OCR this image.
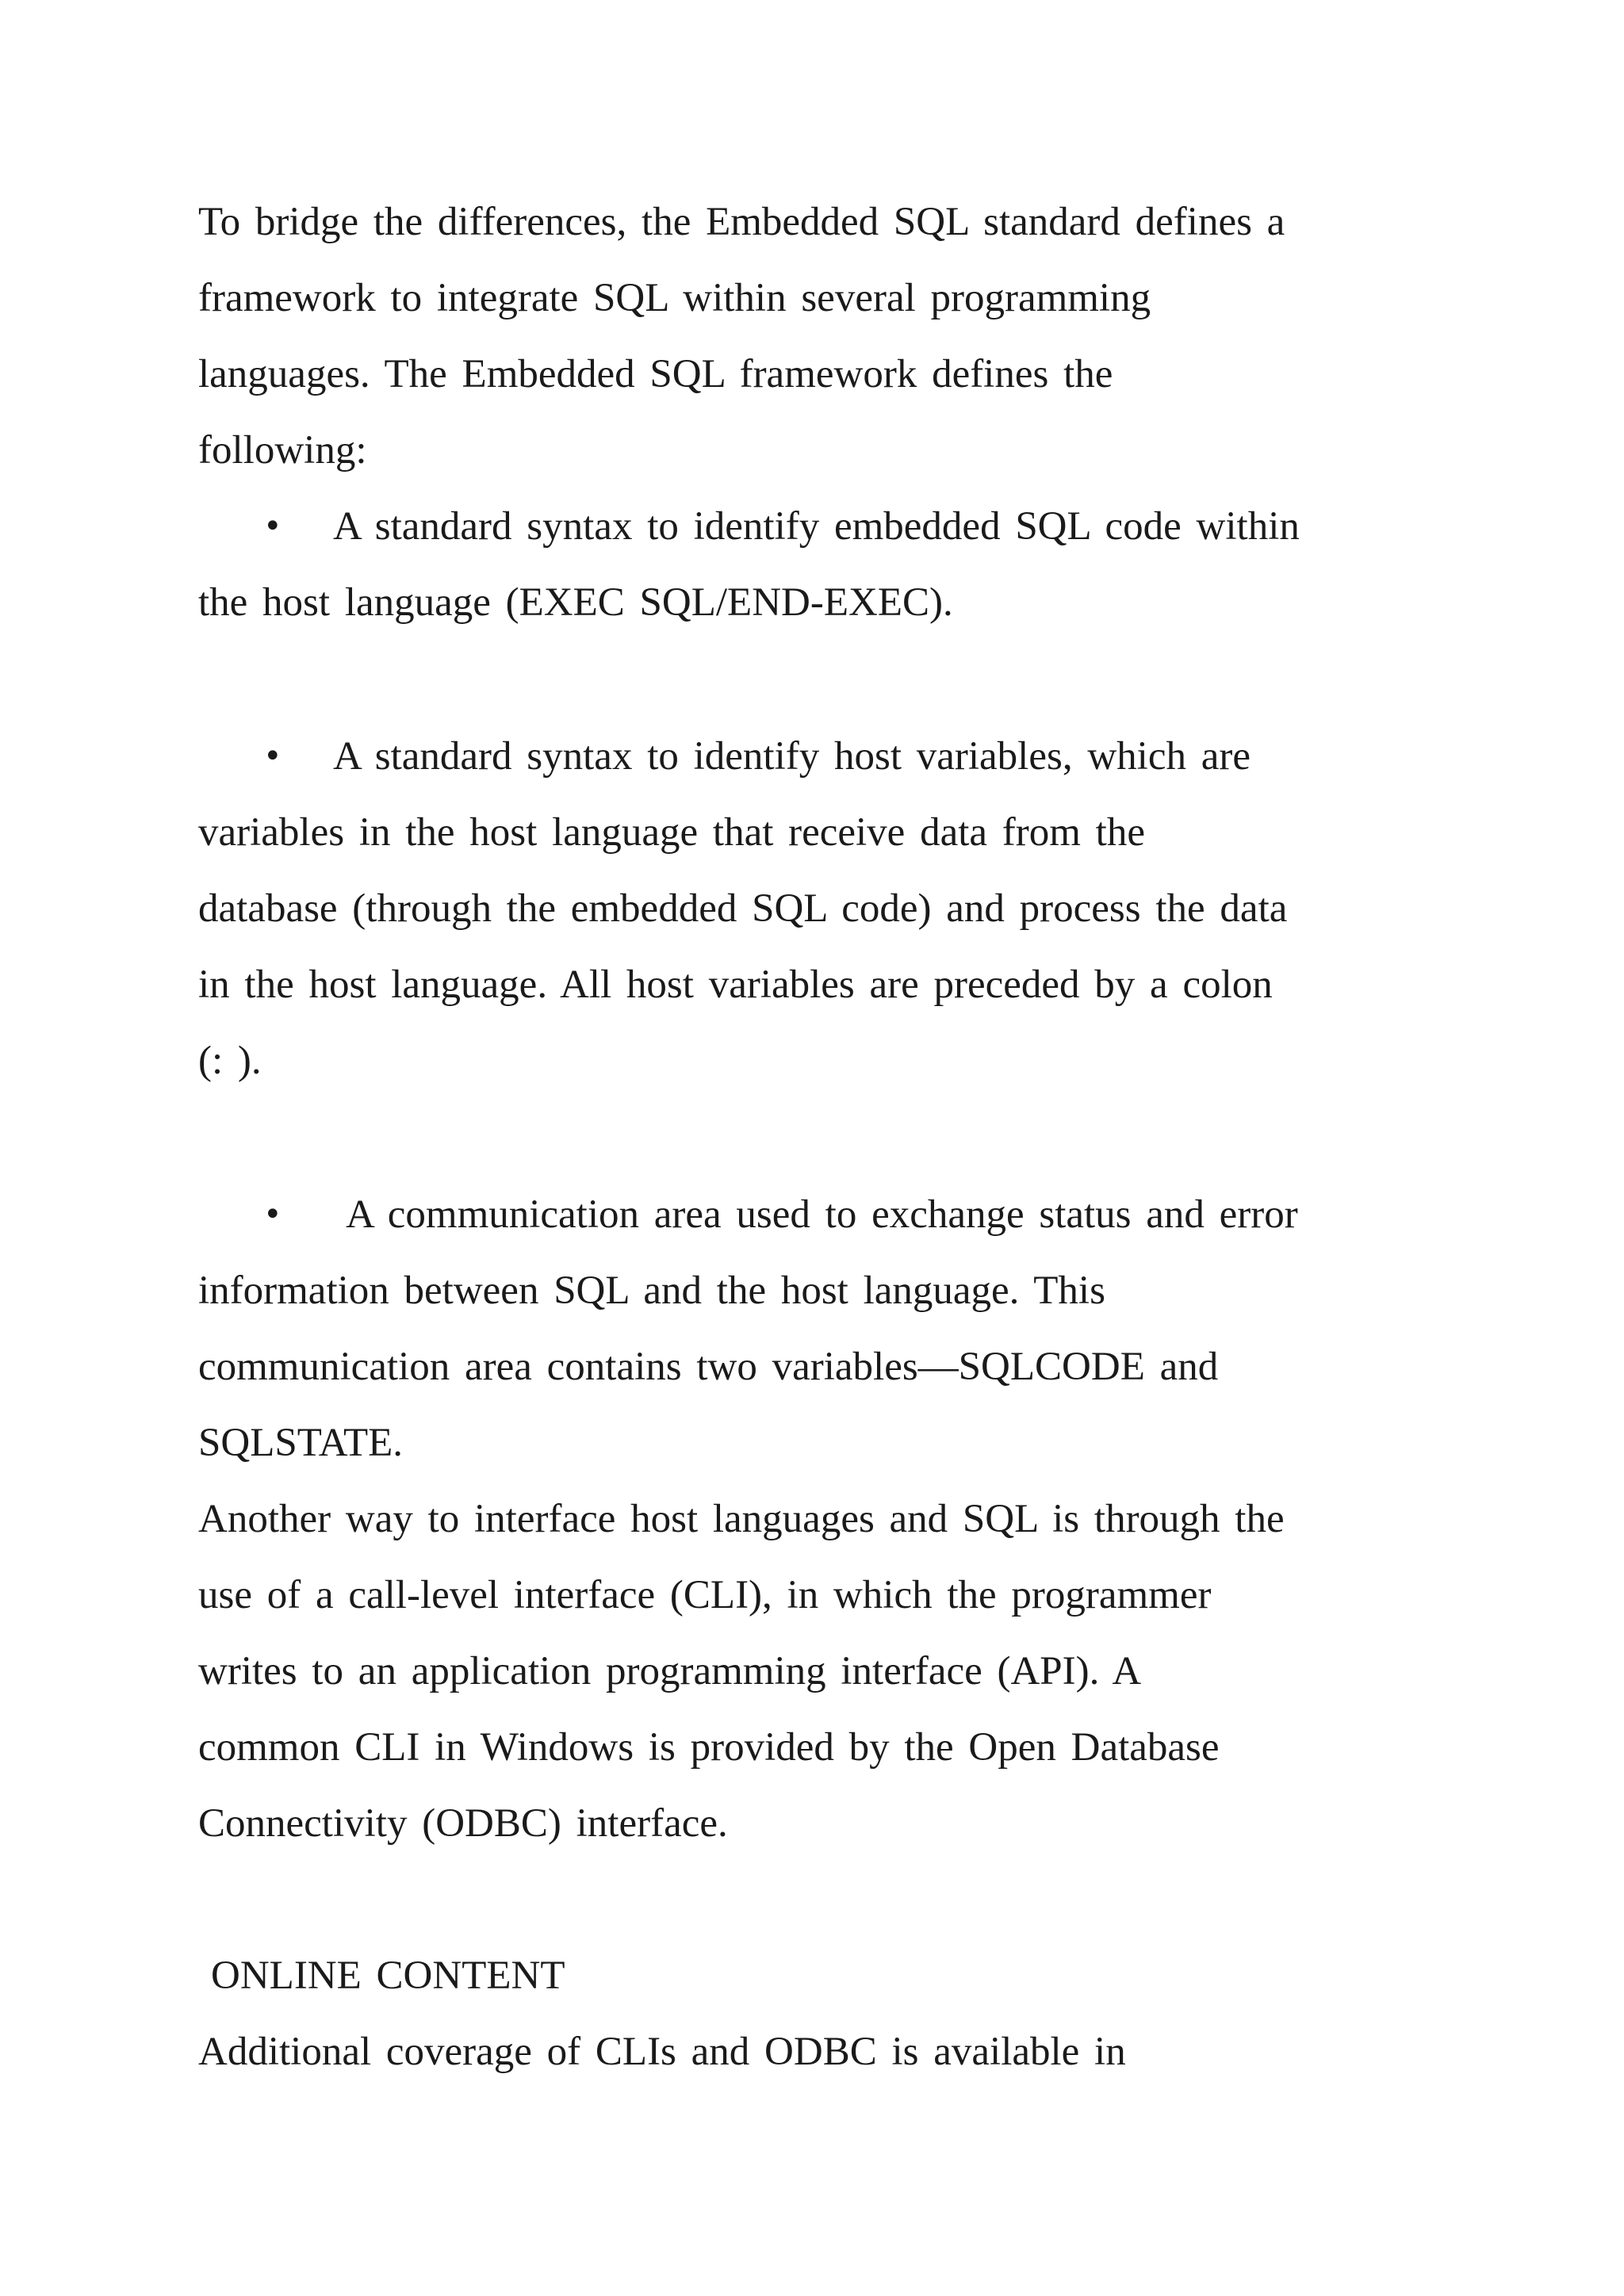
To bridge the differences, the Embedded SQL standard defines a

framework to integrate SQL within several programming

languages. The Embedded SQL framework defines the

following:

• A standard syntax to identify embedded SQL code within

the host language (EXEC SQL/END-EXEC).

• A standard syntax to identify host variables, which are

variables in the host language that receive data from the

database (through the embedded SQL code) and process the data

in the host language. All host variables are preceded by a colon

(: ).

• A communication area used to exchange status and error

information between SQL and the host language. This

communication area contains two variables—SQLCODE and

SQLSTATE.

Another way to interface host languages and SQL is through the

use of a call-level interface (CLI), in which the programmer

writes to an application programming interface (API). A

common CLI in Windows is provided by the Open Database

Connectivity (ODBC) interface.

ONLINE CONTENT

Additional coverage of CLIs and ODBC is available in
